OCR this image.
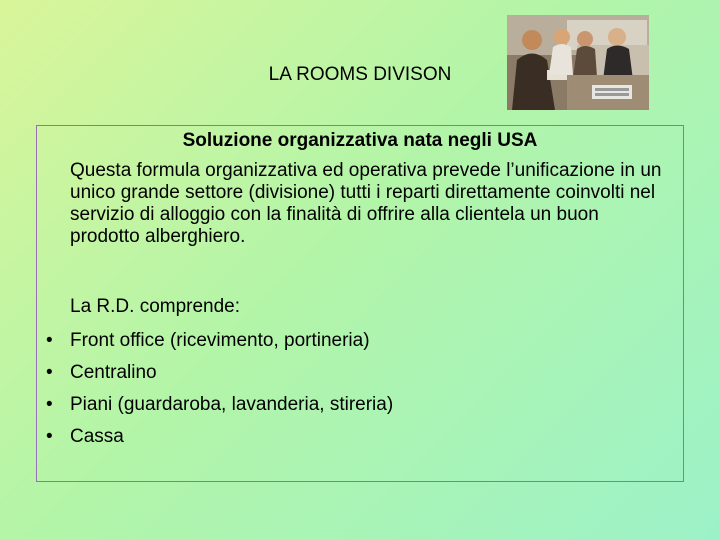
LA ROOMS DIVISON
Soluzione organizzativa nata negli USA

Questa formula organizzativa ed operativa prevede l’unificazione in un unico grande settore (divisione) tutti i reparti direttamente coinvolti nel servizio di alloggio con la finalità di offrire alla clientela un buon prodotto alberghiero.

La R.D. comprende:

• Front office (ricevimento, portineria)
• Centralino
• Piani (guardaroba, lavanderia, stireria)
• Cassa
